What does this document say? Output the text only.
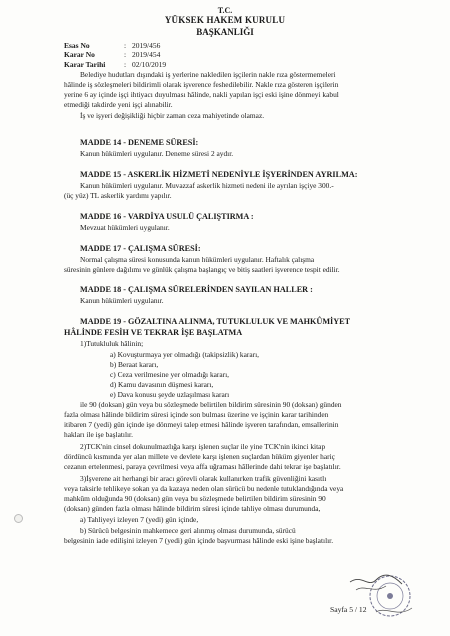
T.C.
YÜKSEK HAKEM KURULU
BAŞKANLIĞI
Esas No	: 2019/456
Karar No	: 2019/454
Karar Tarihi	: 02/10/2019
Belediye hudutları dışındaki iş yerlerine nakledilen işçilerin nakle rıza göstermemeleri
hâlinde iş sözleşmeleri bildirimli olarak işverence feshedilebilir. Nakle rıza gösteren işçilerin
yerine 6 ay içinde işçi ihtiyacı duyulması hâlinde, nakli yapılan işçi eski işine dönmeyi kabul
etmediği takdirde yeni işçi alınabilir.
İş ve işyeri değişikliği hiçbir zaman ceza mahiyetinde olamaz.
MADDE 14 - DENEME SÜRESİ:
Kanun hükümleri uygulanır. Deneme süresi 2 aydır.
MADDE 15 - ASKERLİK HİZMETİ NEDENİYLE İŞYERİNDEN AYRILMA:
Kanun hükümleri uygulanır. Muvazzaf askerlik hizmeti nedeni ile ayrılan işçiye 300.-
(üç yüz) TL askerlik yardımı yapılır.
MADDE 16 - VARDİYA USULÜ ÇALIŞTIRMA :
Mevzuat hükümleri uygulanır.
MADDE 17 - ÇALIŞMA SÜRESİ:
Normal çalışma süresi konusunda kanun hükümleri uygulanır. Haftalık çalışma
süresinin günlere dağılımı ve günlük çalışma başlangıç ve bitiş saatleri işverence tespit edilir.
MADDE 18 - ÇALIŞMA SÜRELERİNDEN SAYILAN HALLER :
Kanun hükümleri uygulanır.
MADDE 19 - GÖZALTINA ALINMA, TUTUKLULUK VE MAHKÛMİYET
HÂLİNDE FESİH VE TEKRAR İŞE BAŞLATMA
1)Tutukluluk hâlinin;
a) Kovuşturmaya yer olmadığı (takipsizlik) kararı,
b) Beraat kararı,
c) Ceza verilmesine yer olmadığı kararı,
d) Kamu davasının düşmesi kararı,
e) Dava konusu şeyde uzlaşılması kararı
ile 90 (doksan) gün veya bu sözleşmede belirtilen bildirim süresinin 90 (doksan) günden
fazla olması hâlinde bildirim süresi içinde son bulması üzerine ve işçinin karar tarihinden
itibaren 7 (yedi) gün içinde işe dönmeyi talep etmesi hâlinde işveren tarafından, emsallerinin
hakları ile işe başlatılır.
2)TCK'nin cinsel dokunulmazlığa karşı işlenen suçlar ile yine TCK'nin ikinci kitap
dördüncü kısmında yer alan millete ve devlete karşı işlenen suçlardan hüküm giyenler hariç
cezanın ertelenmesi, paraya çevrilmesi veya affa uğraması hâllerinde dahi tekrar işe başlatılır.
3)İşverene ait herhangi bir aracı görevli olarak kullanırken trafik güvenliğini kasıtlı
veya taksirle tehlikeye sokan ya da kazaya neden olan sürücü bu nedenle tutuklandığında veya
mahkûm olduğunda 90 (doksan) gün veya bu sözleşmede belirtilen bildirim süresinin 90
(doksan) günden fazla olması hâlinde bildirim süresi içinde tahliye olması durumunda,
a) Tahliyeyi izleyen 7 (yedi) gün içinde,
b) Sürücü belgesinin mahkemece geri alınmış olması durumunda, sürücü
belgesinin iade edilişini izleyen 7 (yedi) gün içinde başvurması hâlinde eski işine başlatılır.
Sayfa 5 / 12
